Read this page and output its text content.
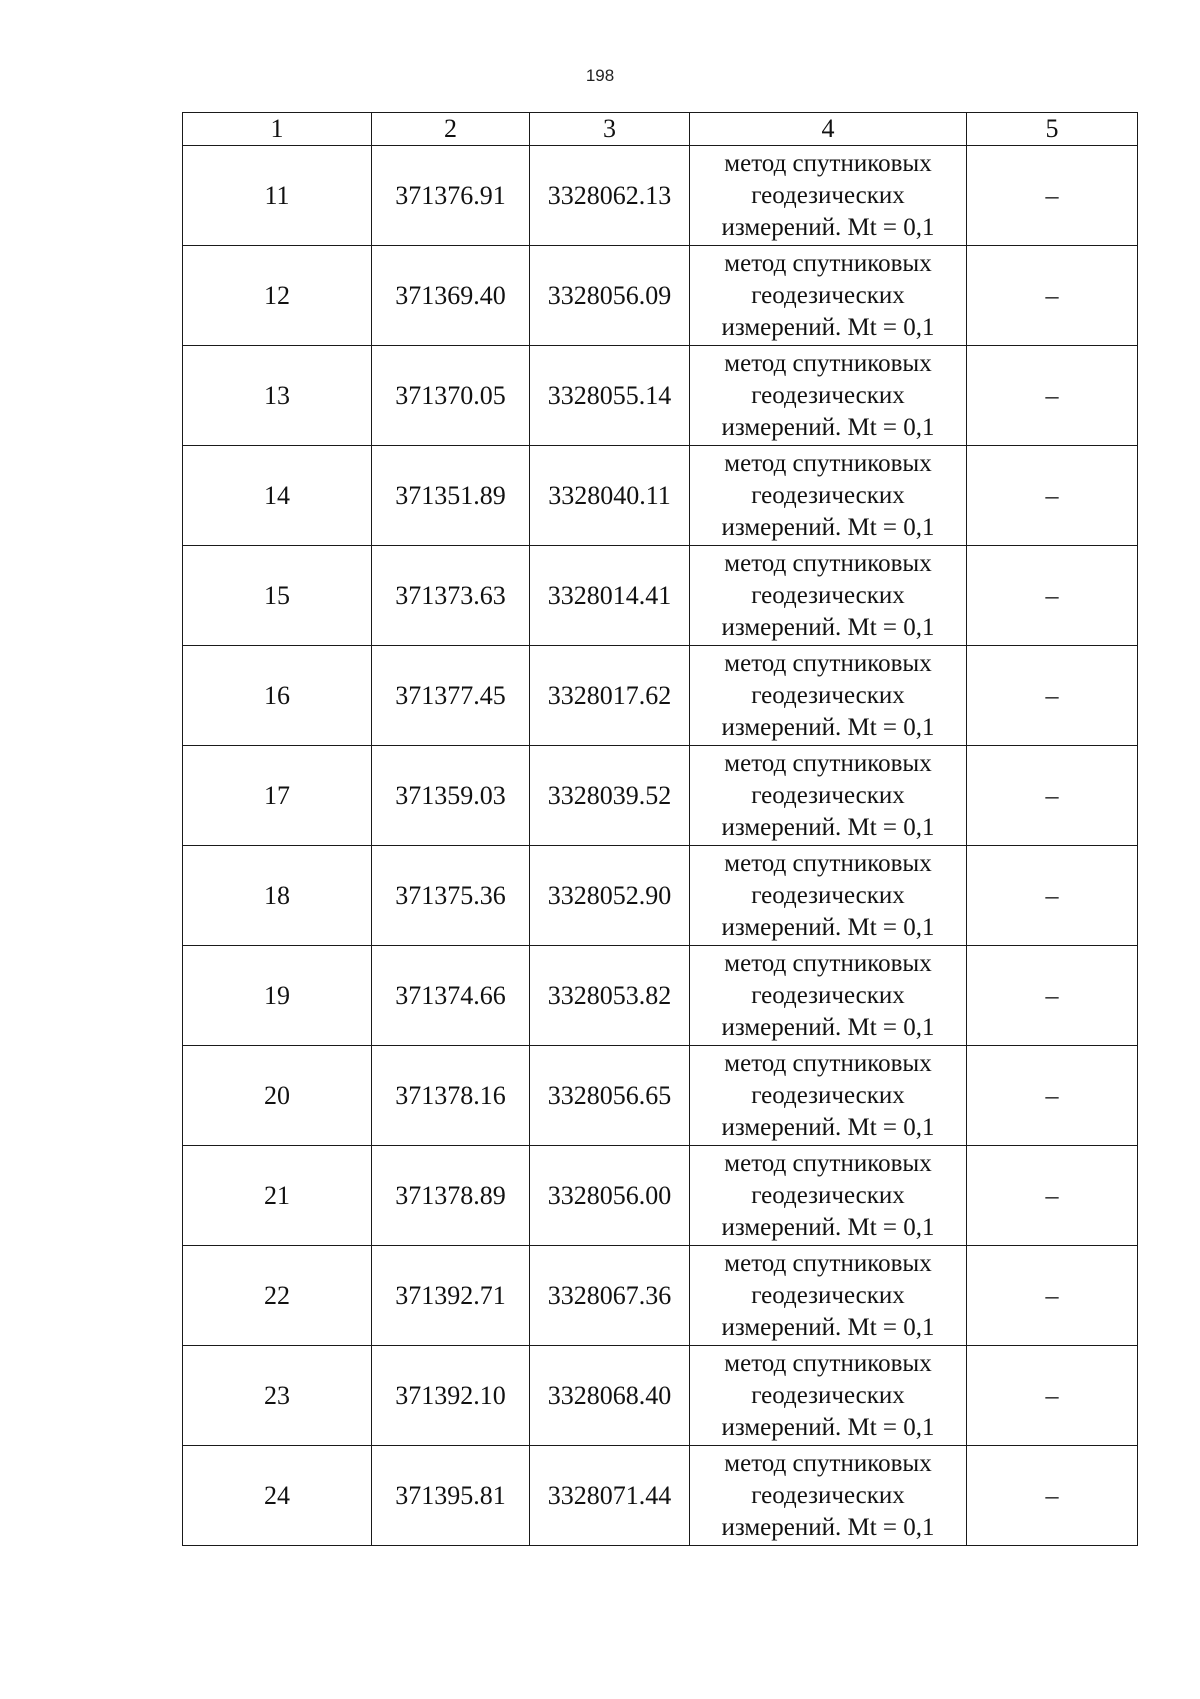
198
1	2	3	4	5
11	371376.91	3328062.13	метод спутниковых
геодезических
измерений. Mt = 0,1	–
12	371369.40	3328056.09	метод спутниковых
геодезических
измерений. Mt = 0,1	–
13	371370.05	3328055.14	метод спутниковых
геодезических
измерений. Mt = 0,1	–
14	371351.89	3328040.11	метод спутниковых
геодезических
измерений. Mt = 0,1	–
15	371373.63	3328014.41	метод спутниковых
геодезических
измерений. Mt = 0,1	–
16	371377.45	3328017.62	метод спутниковых
геодезических
измерений. Mt = 0,1	–
17	371359.03	3328039.52	метод спутниковых
геодезических
измерений. Mt = 0,1	–
18	371375.36	3328052.90	метод спутниковых
геодезических
измерений. Mt = 0,1	–
19	371374.66	3328053.82	метод спутниковых
геодезических
измерений. Mt = 0,1	–
20	371378.16	3328056.65	метод спутниковых
геодезических
измерений. Mt = 0,1	–
21	371378.89	3328056.00	метод спутниковых
геодезических
измерений. Mt = 0,1	–
22	371392.71	3328067.36	метод спутниковых
геодезических
измерений. Mt = 0,1	–
23	371392.10	3328068.40	метод спутниковых
геодезических
измерений. Mt = 0,1	–
24	371395.81	3328071.44	метод спутниковых
геодезических
измерений. Mt = 0,1	–
